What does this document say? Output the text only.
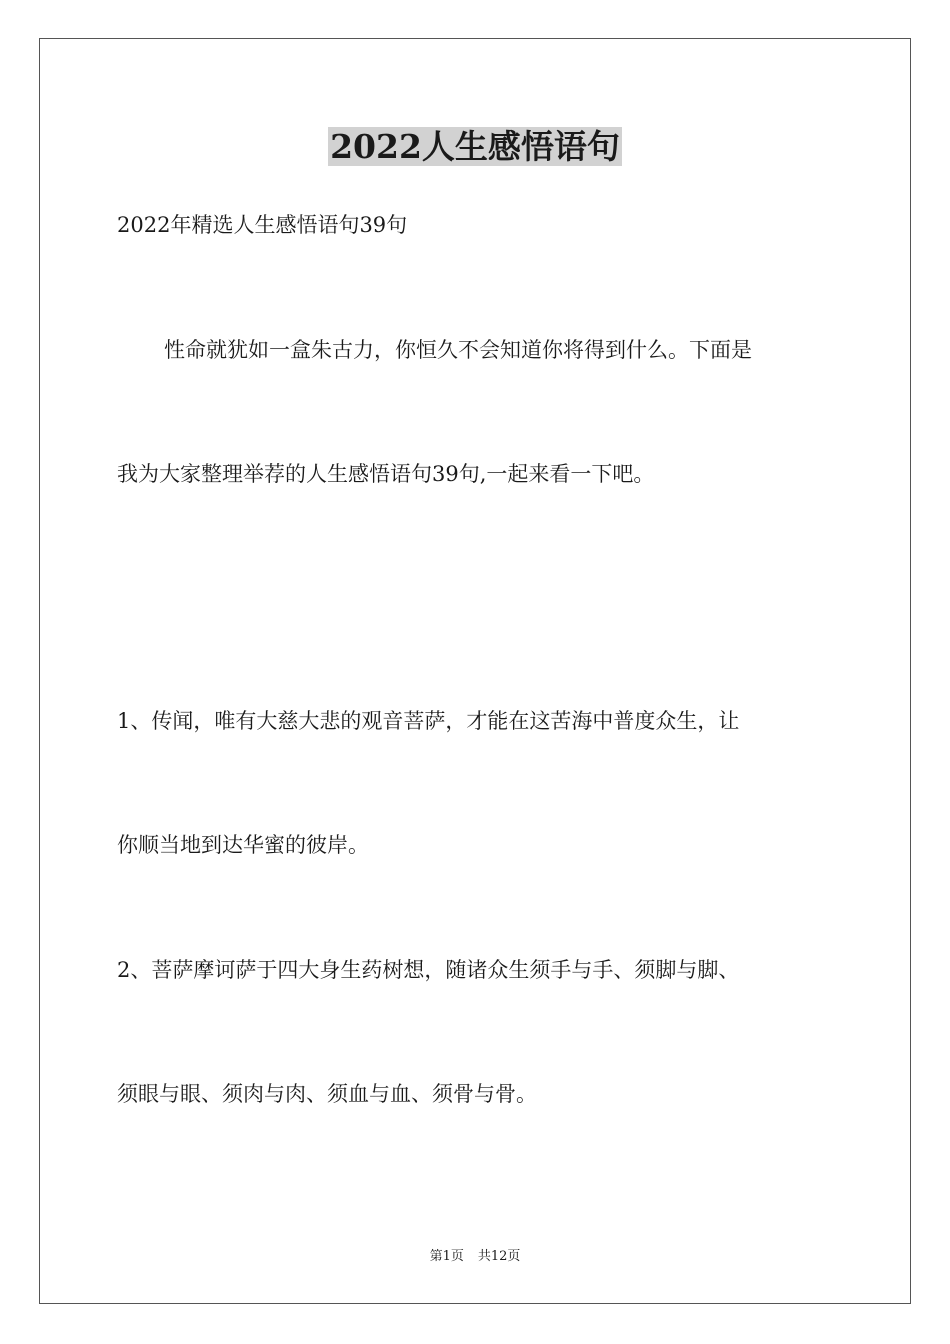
2022人生感悟语句

2022年精选人生感悟语句39句

性命就犹如一盒朱古力，你恒久不会知道你将得到什么。下面是

我为大家整理举荐的人生感悟语句39句,一起来看一下吧。

1、传闻，唯有大慈大悲的观音菩萨，才能在这苦海中普度众生，让

你顺当地到达华蜜的彼岸。

2、菩萨摩诃萨于四大身生药树想，随诸众生须手与手、须脚与脚、

须眼与眼、须肉与肉、须血与血、须骨与骨。

第1页 共12页
